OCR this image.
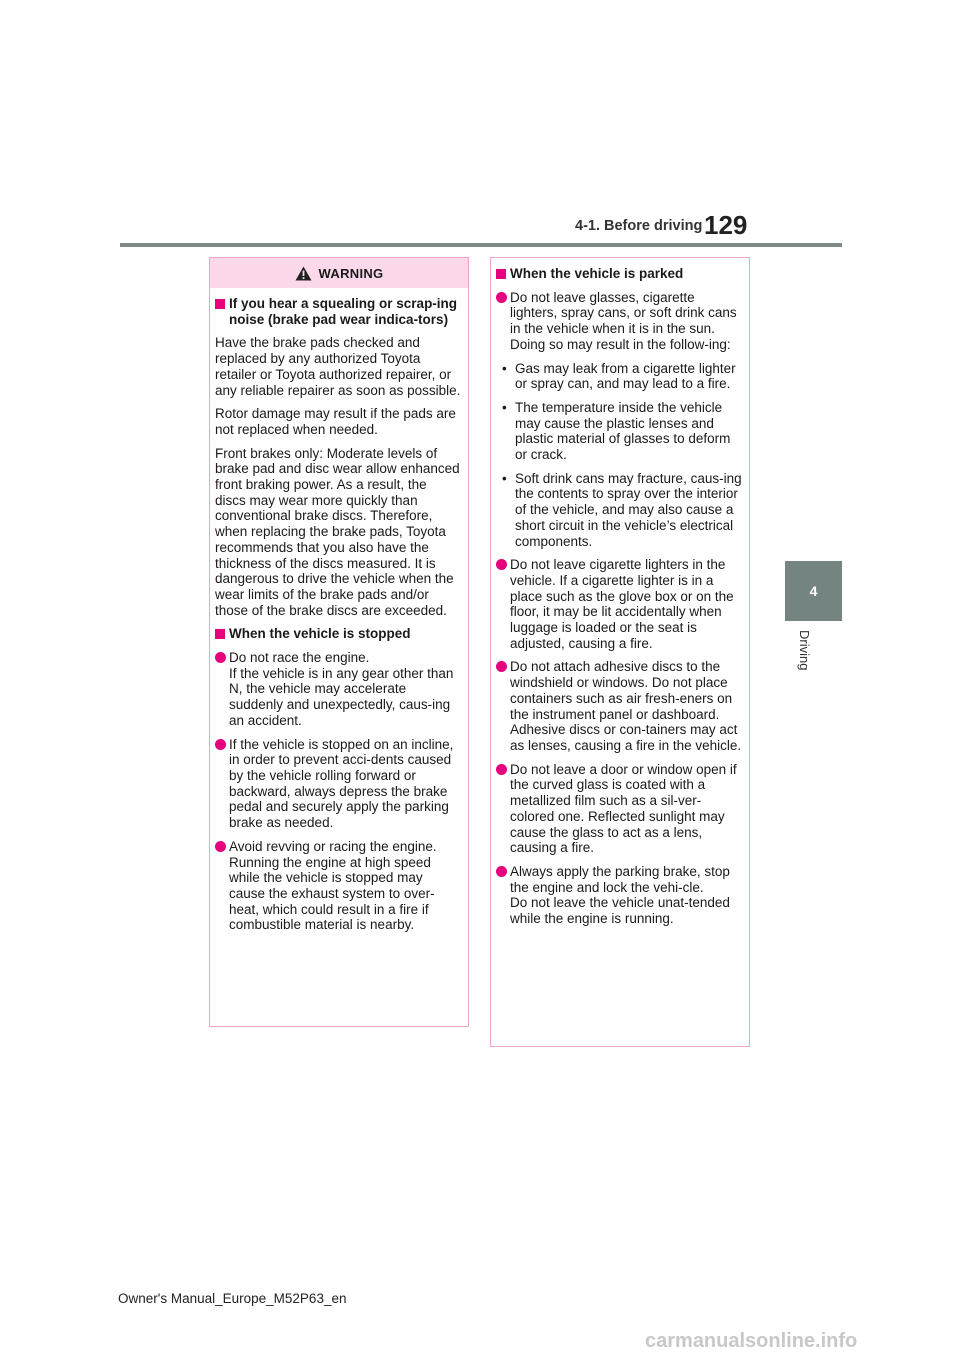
4-1. Before driving 129
4
Driving
WARNING
If you hear a squealing or scrap-ing noise (brake pad wear indica-tors)

Have the brake pads checked and replaced by any authorized Toyota retailer or Toyota authorized repairer, or any reliable repairer as soon as possible.

Rotor damage may result if the pads are not replaced when needed.

Front brakes only: Moderate levels of brake pad and disc wear allow enhanced front braking power. As a result, the discs may wear more quickly than conventional brake discs. Therefore, when replacing the brake pads, Toyota recommends that you also have the thickness of the discs measured. It is dangerous to drive the vehicle when the wear limits of the brake pads and/or those of the brake discs are exceeded.

When the vehicle is stopped
Do not race the engine.
If the vehicle is in any gear other than N, the vehicle may accelerate suddenly and unexpectedly, caus-ing an accident.
If the vehicle is stopped on an incline, in order to prevent acci-dents caused by the vehicle rolling forward or backward, always depress the brake pedal and securely apply the parking brake as needed.
Avoid revving or racing the engine. Running the engine at high speed while the vehicle is stopped may cause the exhaust system to over-heat, which could result in a fire if combustible material is nearby.
When the vehicle is parked
Do not leave glasses, cigarette lighters, spray cans, or soft drink cans in the vehicle when it is in the sun.
Doing so may result in the follow-ing:
• Gas may leak from a cigarette lighter or spray can, and may lead to a fire.
• The temperature inside the vehicle may cause the plastic lenses and plastic material of glasses to deform or crack.
• Soft drink cans may fracture, caus-ing the contents to spray over the interior of the vehicle, and may also cause a short circuit in the vehicle’s electrical components.
Do not leave cigarette lighters in the vehicle. If a cigarette lighter is in a place such as the glove box or on the floor, it may be lit accidentally when luggage is loaded or the seat is adjusted, causing a fire.
Do not attach adhesive discs to the windshield or windows. Do not place containers such as air fresh-eners on the instrument panel or dashboard. Adhesive discs or con-tainers may act as lenses, causing a fire in the vehicle.
Do not leave a door or window open if the curved glass is coated with a metallized film such as a sil-ver-colored one. Reflected sunlight may cause the glass to act as a lens, causing a fire.
Always apply the parking brake, stop the engine and lock the vehi-cle.
Do not leave the vehicle unat-tended while the engine is running.
Owner's Manual_Europe_M52P63_en
carmanualsonline.info
